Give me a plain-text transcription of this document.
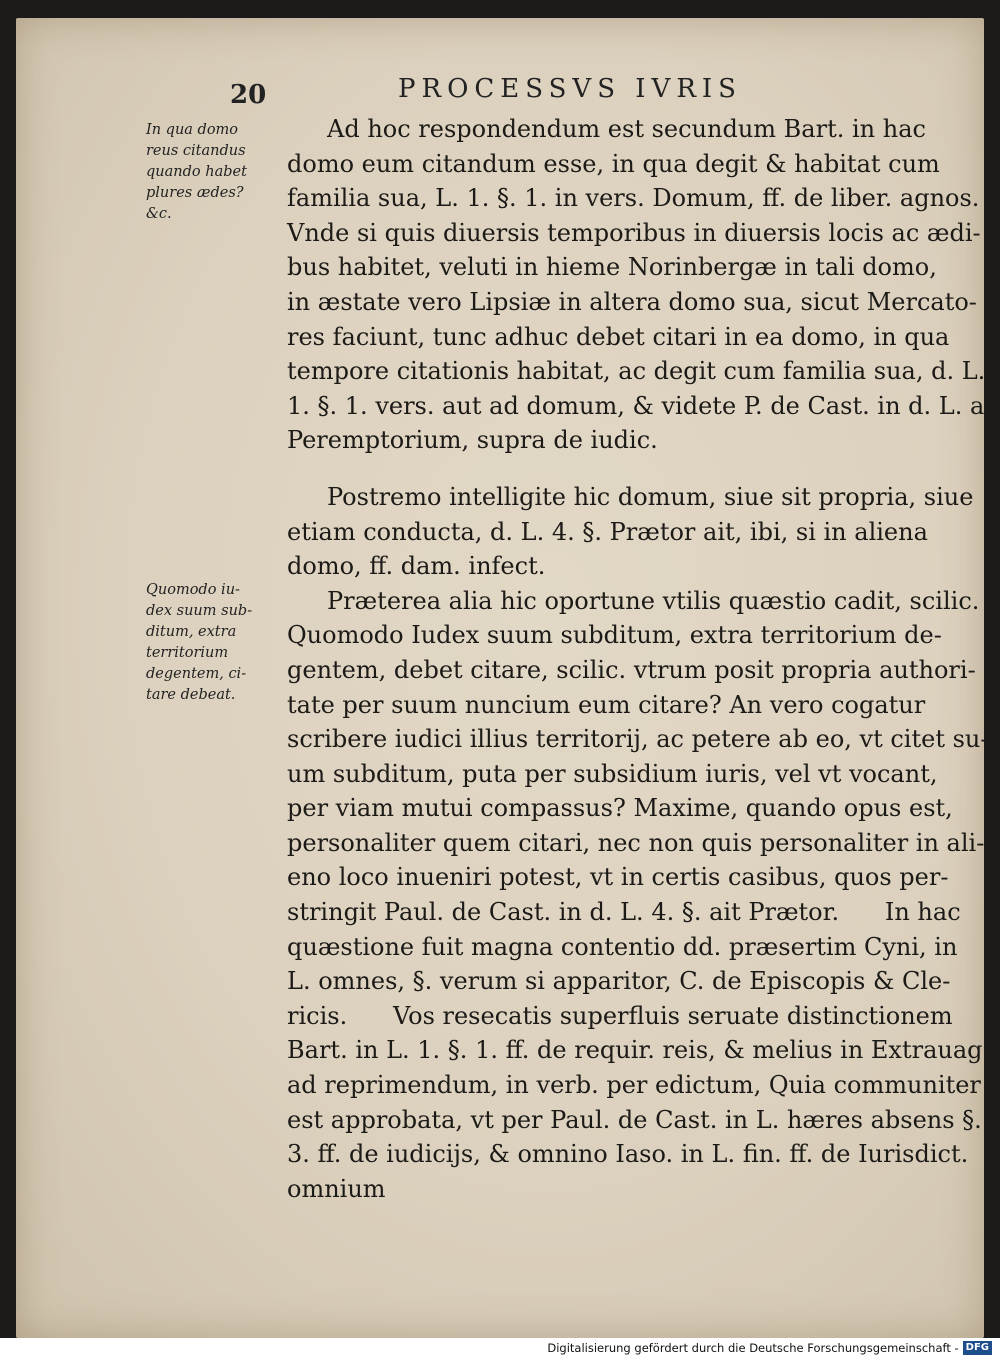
20	PROCESSVS IVRIS
In qua domo
reus citandus
quando habet
plures ædes?
&c.
Quomodo iu-
dex suum sub-
ditum, extra
territorium
degentem, ci-
tare debeat.

Ad hoc respondendum est secundum Bart. in hac

domo eum citandum esse, in qua degit & habitat cum

familia sua, L. 1. §. 1. in vers. Domum, ff. de liber. agnos.

Vnde si quis diuersis temporibus in diuersis locis ac ædi-

bus habitet, veluti in hieme Norinbergæ in tali domo,

in æstate vero Lipsiæ in altera domo sua, sicut Mercato-

res faciunt, tunc adhuc debet citari in ea domo, in qua

tempore citationis habitat, ac degit cum familia sua, d. L.

1. §. 1. vers. aut ad domum, & videte P. de Cast. in d. L. ad

Peremptorium, supra de iudic.

Postremo intelligite hic domum, siue sit propria, siue

etiam conducta, d. L. 4. §. Prætor ait, ibi, si in aliena

domo, ff. dam. infect.

Præterea alia hic oportune vtilis quæstio cadit, scilic.

Quomodo Iudex suum subditum, extra territorium de-

gentem, debet citare, scilic. vtrum posit propria authori-

tate per suum nuncium eum citare? An vero cogatur

scribere iudici illius territorij, ac petere ab eo, vt citet su-

um subditum, puta per subsidium iuris, vel vt vocant,

per viam mutui compassus? Maxime, quando opus est,

personaliter quem citari, nec non quis personaliter in ali-

eno loco inueniri potest, vt in certis casibus, quos per-

stringit Paul. de Cast. in d. L. 4. §. ait Prætor.      In hac

quæstione fuit magna contentio dd. præsertim Cyni, in

L. omnes, §. verum si apparitor, C. de Episcopis & Cle-

ricis.      Vos resecatis superfluis seruate distinctionem

Bart. in L. 1. §. 1. ff. de requir. reis, & melius in Extrauag.

ad reprimendum, in verb. per edictum, Quia communiter

est approbata, vt per Paul. de Cast. in L. hæres absens §.

3. ff. de iudicijs, & omnino Iaso. in L. fin. ff. de Iurisdict.

omnium

Digitalisierung gefördert durch die Deutsche Forschungsgemeinschaft - DFG
